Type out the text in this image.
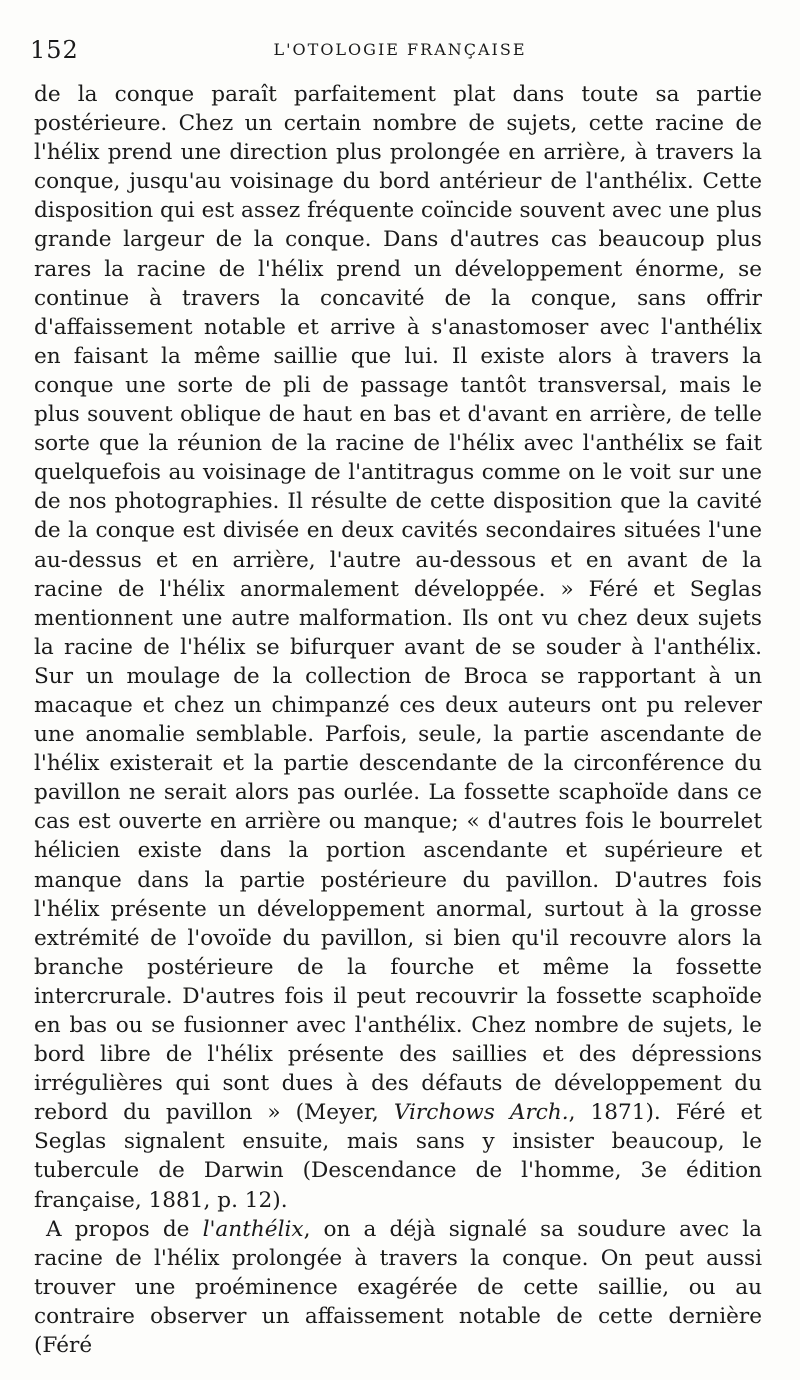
152	L'OTOLOGIE FRANÇAISE

de la conque paraît parfaitement plat dans toute sa partie postérieure. Chez un certain nombre de sujets, cette racine de l'hélix prend une direction plus prolongée en arrière, à travers la conque, jusqu'au voisinage du bord antérieur de l'anthélix. Cette disposition qui est assez fréquente coïncide souvent avec une plus grande largeur de la conque. Dans d'autres cas beaucoup plus rares la racine de l'hélix prend un développement énorme, se continue à travers la concavité de la conque, sans offrir d'affaissement notable et arrive à s'anastomoser avec l'anthélix en faisant la même saillie que lui. Il existe alors à travers la conque une sorte de pli de passage tantôt transversal, mais le plus souvent oblique de haut en bas et d'avant en arrière, de telle sorte que la réunion de la racine de l'hélix avec l'anthélix se fait quelquefois au voisinage de l'antitragus comme on le voit sur une de nos photographies. Il résulte de cette disposition que la cavité de la conque est divisée en deux cavités secondaires situées l'une au-dessus et en arrière, l'autre au-dessous et en avant de la racine de l'hélix anormalement développée. » Féré et Seglas mentionnent une autre malformation. Ils ont vu chez deux sujets la racine de l'hélix se bifurquer avant de se souder à l'anthélix. Sur un moulage de la collection de Broca se rapportant à un macaque et chez un chimpanzé ces deux auteurs ont pu relever une anomalie semblable. Parfois, seule, la partie ascendante de l'hélix existerait et la partie descendante de la circonférence du pavillon ne serait alors pas ourlée. La fossette scaphoïde dans ce cas est ouverte en arrière ou manque; « d'autres fois le bourrelet hélicien existe dans la portion ascendante et supérieure et manque dans la partie postérieure du pavillon. D'autres fois l'hélix présente un développement anormal, surtout à la grosse extrémité de l'ovoïde du pavillon, si bien qu'il recouvre alors la branche postérieure de la fourche et même la fossette intercrurale. D'autres fois il peut recouvrir la fossette scaphoïde en bas ou se fusionner avec l'anthélix. Chez nombre de sujets, le bord libre de l'hélix présente des saillies et des dépressions irrégulières qui sont dues à des défauts de développement du rebord du pavillon » (Meyer, Virchows Arch., 1871). Féré et Seglas signalent ensuite, mais sans y insister beaucoup, le tubercule de Darwin (Descendance de l'homme, 3e édition française, 1881, p. 12).

A propos de l'anthélix, on a déjà signalé sa soudure avec la racine de l'hélix prolongée à travers la conque. On peut aussi trouver une proéminence exagérée de cette saillie, ou au contraire observer un affaissement notable de cette dernière (Féré
